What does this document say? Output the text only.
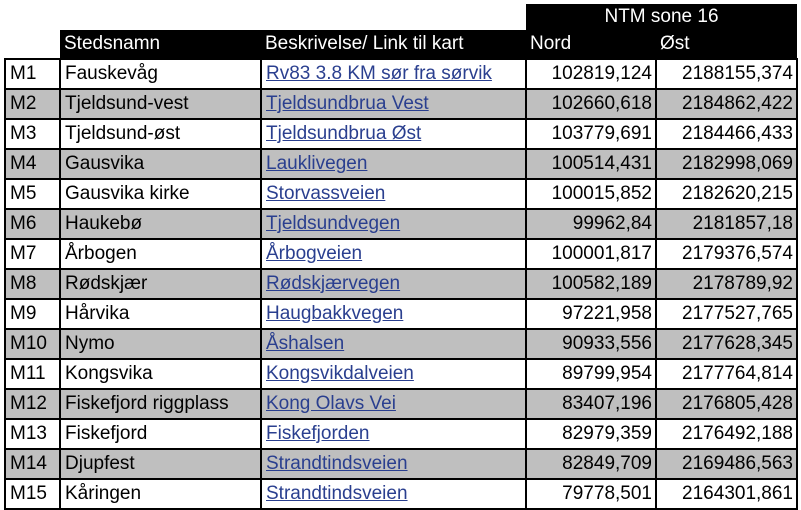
			NTM sone 16	
	Stedsnamn	Beskrivelse/ Link til kart	Nord	Øst
M1	Fauskevåg	Rv83 3.8 KM sør fra sørvik	102819,124	2188155,374
M2	Tjeldsund-vest	Tjeldsundbrua Vest	102660,618	2184862,422
M3	Tjeldsund-øst	Tjeldsundbrua Øst	103779,691	2184466,433
M4	Gausvika	Lauklivegen	100514,431	2182998,069
M5	Gausvika kirke	Storvassveien	100015,852	2182620,215
M6	Haukebø	Tjeldsundvegen	99962,84	2181857,18
M7	Årbogen	Årbogveien	100001,817	2179376,574
M8	Rødskjær	Rødskjærvegen	100582,189	2178789,92
M9	Hårvika	Haugbakkvegen	97221,958	2177527,765
M10	Nymo	Åshalsen	90933,556	2177628,345
M11	Kongsvika	Kongsvikdalveien	89799,954	2177764,814
M12	Fiskefjord riggplass	Kong Olavs Vei	83407,196	2176805,428
M13	Fiskefjord	Fiskefjorden	82979,359	2176492,188
M14	Djupfest	Strandtindsveien	82849,709	2169486,563
M15	Kåringen	Strandtindsveien	79778,501	2164301,861
